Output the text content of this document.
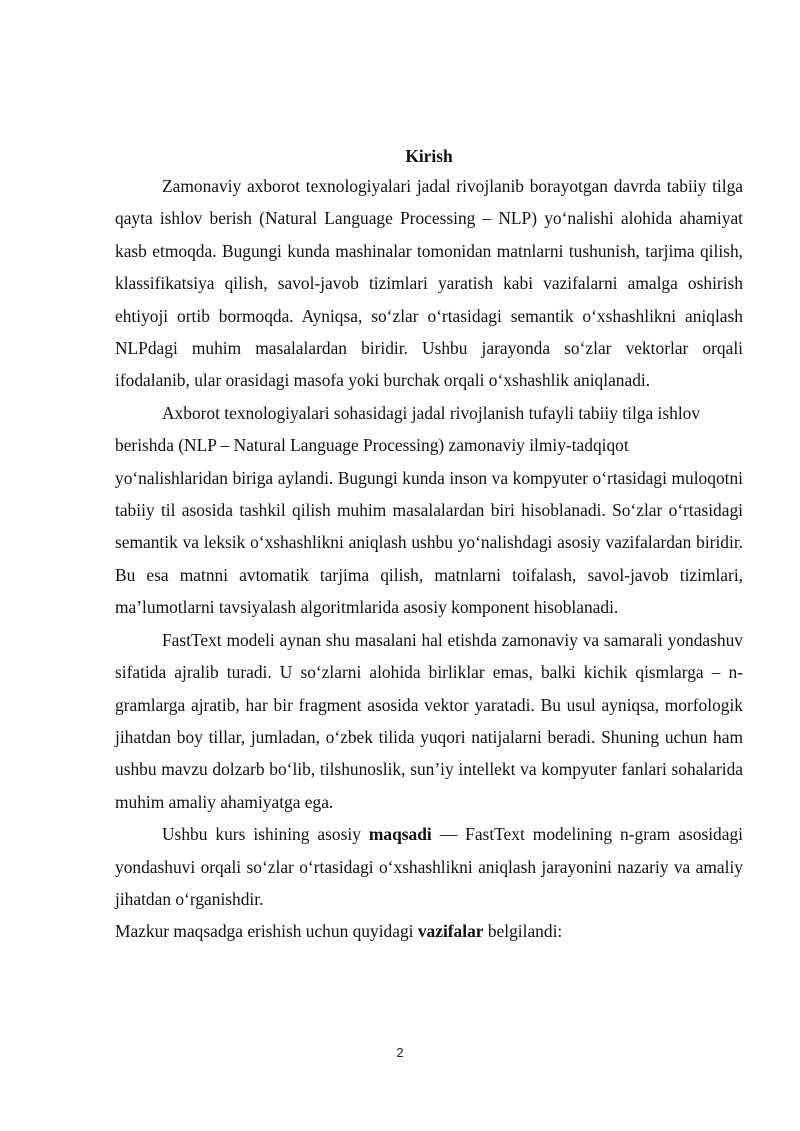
Kirish

Zamonaviy axborot texnologiyalari jadal rivojlanib borayotgan davrda tabiiy tilga qayta ishlov berish (Natural Language Processing – NLP) yo‘nalishi alohida ahamiyat kasb etmoqda. Bugungi kunda mashinalar tomonidan matnlarni tushunish, tarjima qilish, klassifikatsiya qilish, savol-javob tizimlari yaratish kabi vazifalarni amalga oshirish ehtiyoji ortib bormoqda. Ayniqsa, so‘zlar o‘rtasidagi semantik o‘xshashlikni aniqlash NLPdagi muhim masalalardan biridir. Ushbu jarayonda so‘zlar vektorlar orqali ifodalanib, ular orasidagi masofa yoki burchak orqali o‘xshashlik aniqlanadi.

Axborot texnologiyalari sohasidagi jadal rivojlanish tufayli tabiiy tilga ishlov berishda (NLP – Natural Language Processing) zamonaviy ilmiy-tadqiqot
yo‘nalishlaridan biriga aylandi. Bugungi kunda inson va kompyuter o‘rtasidagi muloqotni tabiiy til asosida tashkil qilish muhim masalalardan biri hisoblanadi. So‘zlar o‘rtasidagi semantik va leksik o‘xshashlikni aniqlash ushbu yo‘nalishdagi asosiy vazifalardan biridir. Bu esa matnni avtomatik tarjima qilish, matnlarni toifalash, savol-javob tizimlari, ma’lumotlarni tavsiyalash algoritmlarida asosiy komponent hisoblanadi.

FastText modeli aynan shu masalani hal etishda zamonaviy va samarali yondashuv sifatida ajralib turadi. U so‘zlarni alohida birliklar emas, balki kichik qismlarga – n-gramlarga ajratib, har bir fragment asosida vektor yaratadi. Bu usul ayniqsa, morfologik jihatdan boy tillar, jumladan, o‘zbek tilida yuqori natijalarni beradi. Shuning uchun ham ushbu mavzu dolzarb bo‘lib, tilshunoslik, sun’iy intellekt va kompyuter fanlari sohalarida muhim amaliy ahamiyatga ega.

Ushbu kurs ishining asosiy maqsadi — FastText modelining n-gram asosidagi yondashuvi orqali so‘zlar o‘rtasidagi o‘xshashlikni aniqlash jarayonini nazariy va amaliy jihatdan o‘rganishdir.

Mazkur maqsadga erishish uchun quyidagi vazifalar belgilandi:

2
